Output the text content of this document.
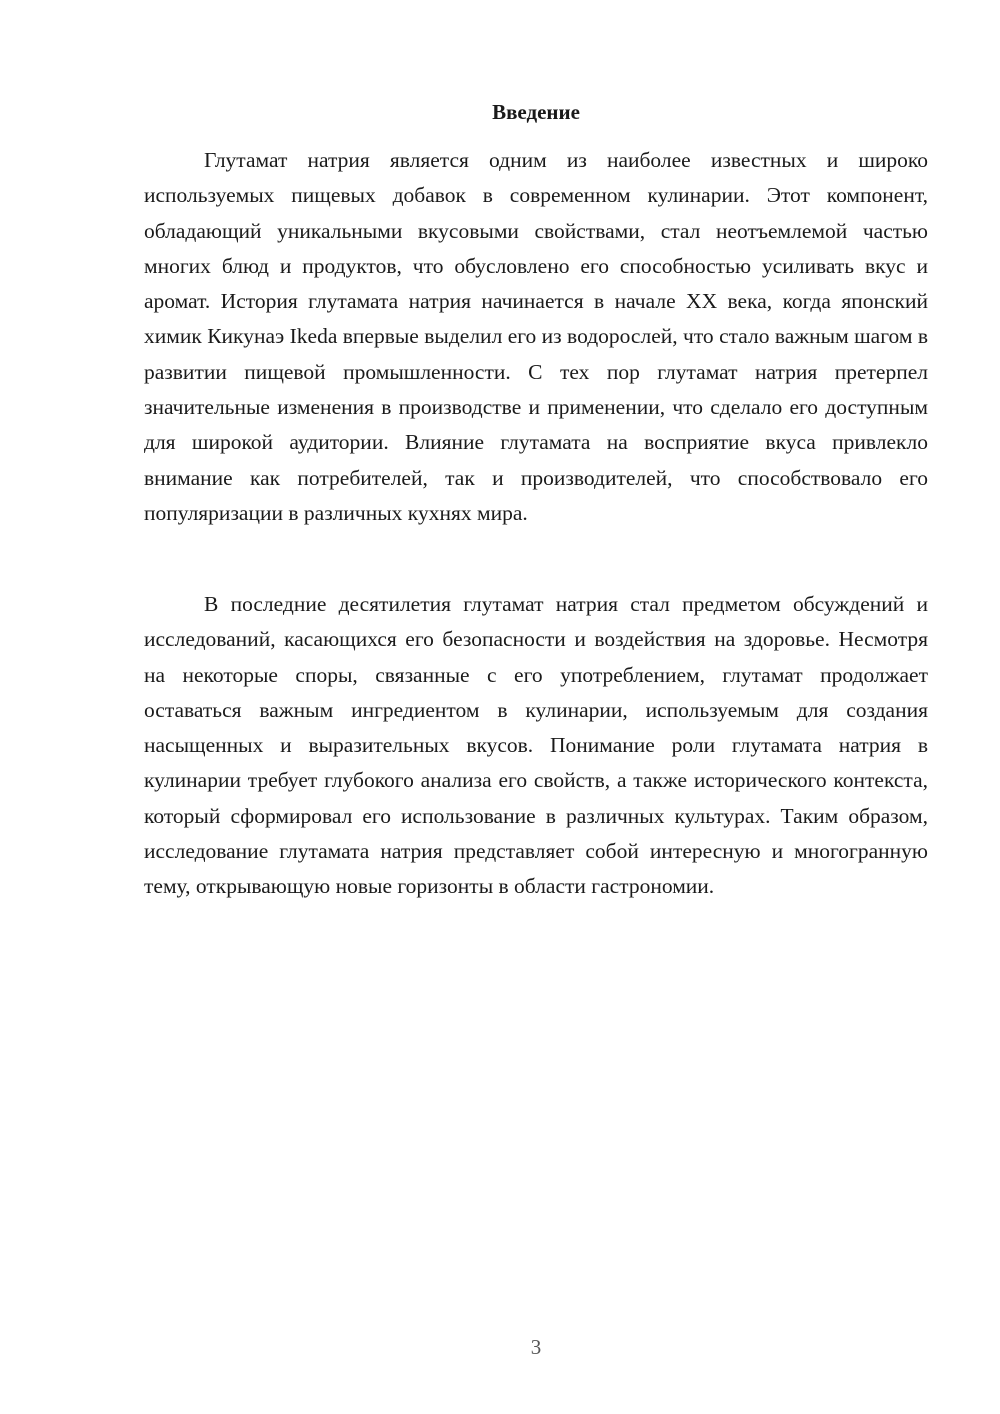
Введение

Глутамат натрия является одним из наиболее известных и широко используемых пищевых добавок в современном кулинарии. Этот компонент, обладающий уникальными вкусовыми свойствами, стал неотъемлемой частью многих блюд и продуктов, что обусловлено его способностью усиливать вкус и аромат. История глутамата натрия начинается в начале XX века, когда японский химик Кикунаэ Ikeda впервые выделил его из водорослей, что стало важным шагом в развитии пищевой промышленности. С тех пор глутамат натрия претерпел значительные изменения в производстве и применении, что сделало его доступным для широкой аудитории. Влияние глутамата на восприятие вкуса привлекло внимание как потребителей, так и производителей, что способствовало его популяризации в различных кухнях мира.

В последние десятилетия глутамат натрия стал предметом обсуждений и исследований, касающихся его безопасности и воздействия на здоровье. Несмотря на некоторые споры, связанные с его употреблением, глутамат продолжает оставаться важным ингредиентом в кулинарии, используемым для создания насыщенных и выразительных вкусов. Понимание роли глутамата натрия в кулинарии требует глубокого анализа его свойств, а также исторического контекста, который сформировал его использование в различных культурах. Таким образом, исследование глутамата натрия представляет собой интересную и многогранную тему, открывающую новые горизонты в области гастрономии.

3
